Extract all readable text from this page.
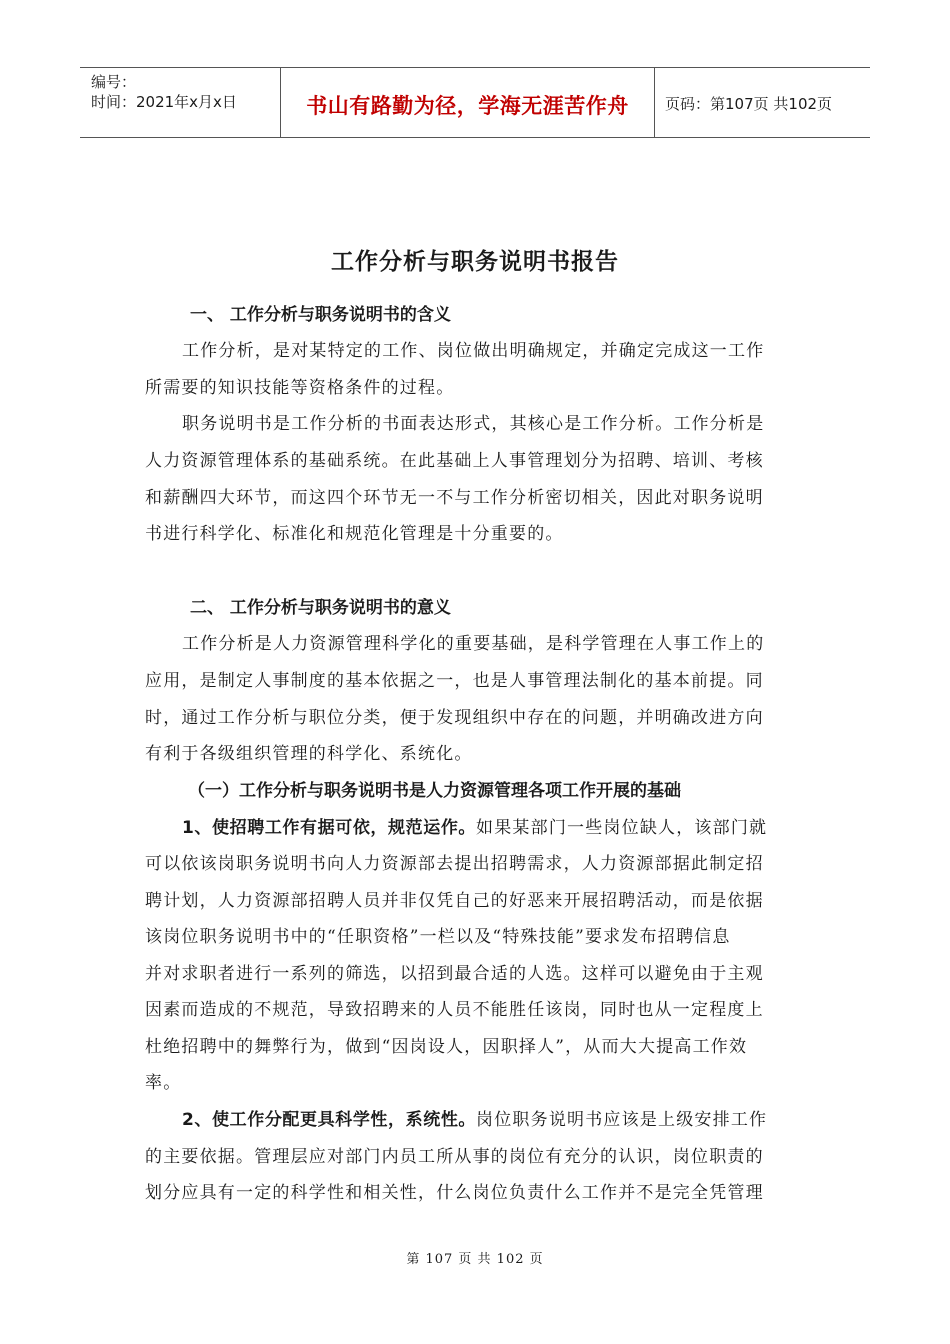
编号：
时间：2021年x月x日	书山有路勤为径，学海无涯苦作舟	页码：第107页 共102页
工作分析与职务说明书报告
一、 工作分析与职务说明书的含义
工作分析，是对某特定的工作、岗位做出明确规定，并确定完成这一工作
所需要的知识技能等资格条件的过程。
职务说明书是工作分析的书面表达形式，其核心是工作分析。工作分析是
人力资源管理体系的基础系统。在此基础上人事管理划分为招聘、培训、考核
和薪酬四大环节，而这四个环节无一不与工作分析密切相关，因此对职务说明
书进行科学化、标准化和规范化管理是十分重要的。
二、 工作分析与职务说明书的意义
工作分析是人力资源管理科学化的重要基础，是科学管理在人事工作上的
应用，是制定人事制度的基本依据之一，也是人事管理法制化的基本前提。同
时，通过工作分析与职位分类，便于发现组织中存在的问题，并明确改进方向
有利于各级组织管理的科学化、系统化。
（一）工作分析与职务说明书是人力资源管理各项工作开展的基础
1、使招聘工作有据可依，规范运作。如果某部门一些岗位缺人，该部门就
可以依该岗职务说明书向人力资源部去提出招聘需求，人力资源部据此制定招
聘计划，人力资源部招聘人员并非仅凭自己的好恶来开展招聘活动，而是依据
该岗位职务说明书中的“任职资格”一栏以及“特殊技能”要求发布招聘信息
并对求职者进行一系列的筛选，以招到最合适的人选。这样可以避免由于主观
因素而造成的不规范，导致招聘来的人员不能胜任该岗，同时也从一定程度上
杜绝招聘中的舞弊行为，做到“因岗设人，因职择人”，从而大大提高工作效
率。
2、使工作分配更具科学性，系统性。岗位职务说明书应该是上级安排工作
的主要依据。管理层应对部门内员工所从事的岗位有充分的认识，岗位职责的
划分应具有一定的科学性和相关性，什么岗位负责什么工作并不是完全凭管理
第 107 页 共 102 页
